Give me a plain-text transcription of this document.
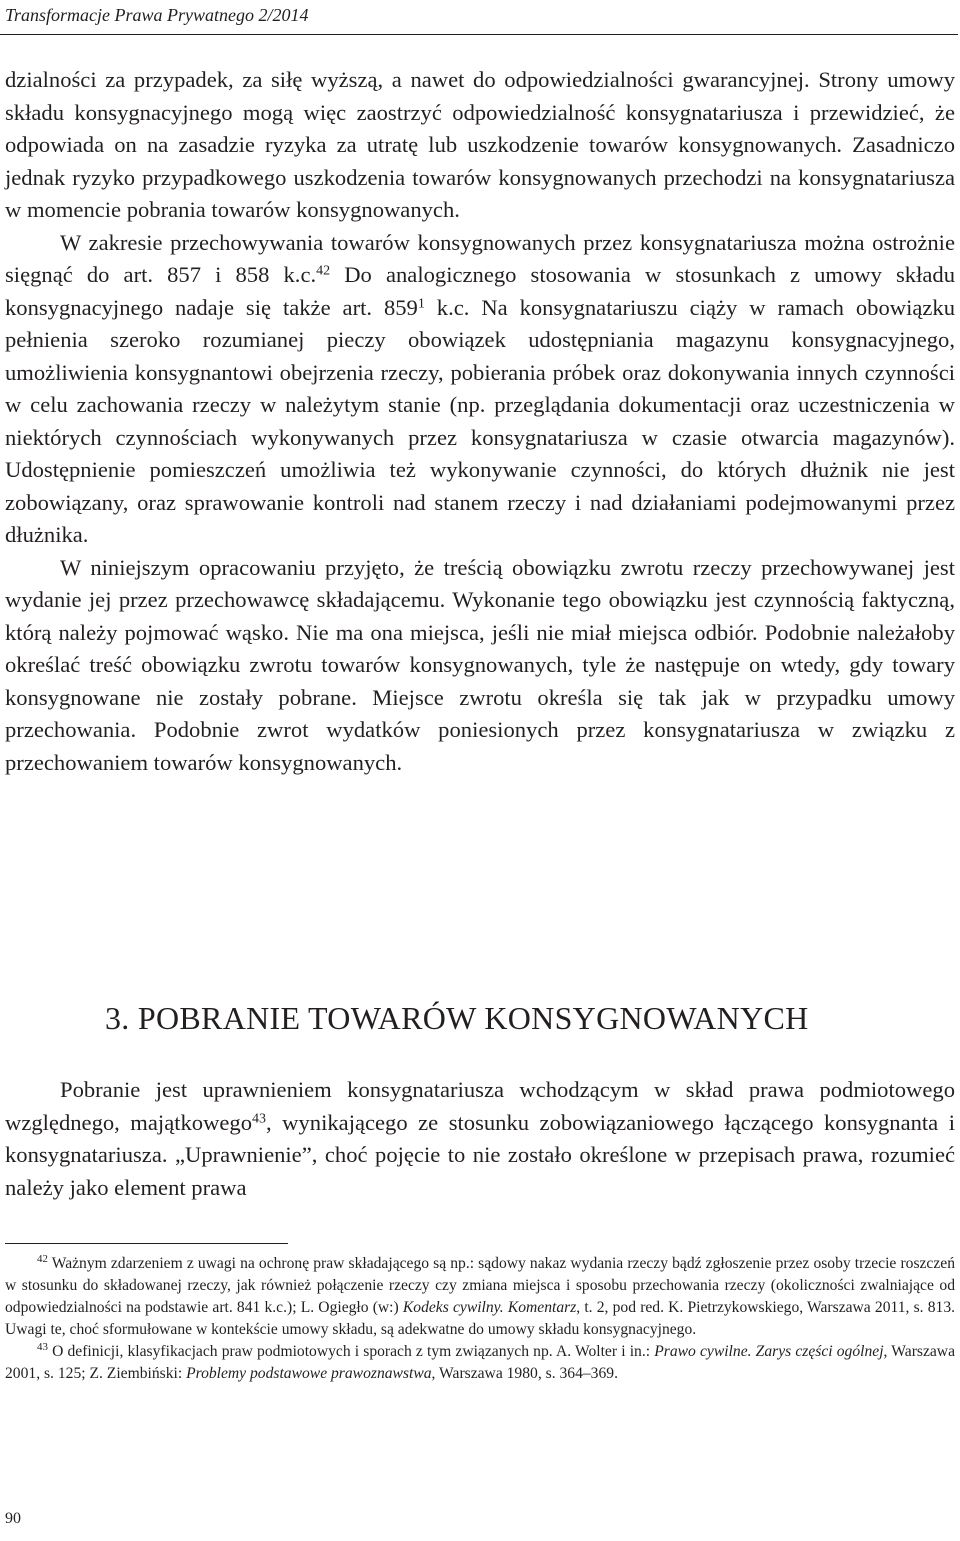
Transformacje Prawa Prywatnego 2/2014

dzialności za przypadek, za siłę wyższą, a nawet do odpowiedzialności gwarancyjnej. Strony umowy składu konsygnacyjnego mogą więc zaostrzyć odpowiedzialność konsygnatariusza i przewidzieć, że odpowiada on na zasadzie ryzyka za utratę lub uszkodzenie towarów konsygnowanych. Zasadniczo jednak ryzyko przypadkowego uszkodzenia towarów konsygnowanych przechodzi na konsygnatariusza w momencie pobrania towarów konsygnowanych.

W zakresie przechowywania towarów konsygnowanych przez konsygnatariusza można ostrożnie sięgnąć do art. 857 i 858 k.c.$^{42}$ Do analogicznego stosowania w stosunkach z umowy składu konsygnacyjnego nadaje się także art. $859^1$ k.c. Na konsygnatariuszu ciąży w ramach obowiązku pełnienia szeroko rozumianej pieczy obowiązek udostępniania magazynu konsygnacyjnego, umożliwienia konsygnantowi obejrzenia rzeczy, pobierania próbek oraz dokonywania innych czynności w celu zachowania rzeczy w należytym stanie (np. przeglądania dokumentacji oraz uczestniczenia w niektórych czynnościach wykonywanych przez konsygnatariusza w czasie otwarcia magazynów). Udostępnienie pomieszczeń umożliwia też wykonywanie czynności, do których dłużnik nie jest zobowiązany, oraz sprawowanie kontroli nad stanem rzeczy i nad działaniami podejmowanymi przez dłużnika.

W niniejszym opracowaniu przyjęto, że treścią obowiązku zwrotu rzeczy przechowywanej jest wydanie jej przez przechowawcę składającemu. Wykonanie tego obowiązku jest czynnością faktyczną, którą należy pojmować wąsko. Nie ma ona miejsca, jeśli nie miał miejsca odbiór. Podobnie należałoby określać treść obowiązku zwrotu towarów konsygnowanych, tyle że następuje on wtedy, gdy towary konsygnowane nie zostały pobrane. Miejsce zwrotu określa się tak jak w przypadku umowy przechowania. Podobnie zwrot wydatków poniesionych przez konsygnatariusza w związku z przechowaniem towarów konsygnowanych.

3. POBRANIE TOWARÓW KONSYGNOWANYCH

Pobranie jest uprawnieniem konsygnatariusza wchodzącym w skład prawa podmiotowego względnego, majątkowego$^{43}$, wynikającego ze stosunku zobowiązaniowego łączącego konsygnanta i konsygnatariusza. „Uprawnienie”, choć pojęcie to nie zostało określone w przepisach prawa, rozumieć należy jako element prawa

$^{42}$ Ważnym zdarzeniem z uwagi na ochronę praw składającego są np.: sądowy nakaz wydania rzeczy bądź zgłoszenie przez osoby trzecie roszczeń w stosunku do składowanej rzeczy, jak również połączenie rzeczy czy zmiana miejsca i sposobu przechowania rzeczy (okoliczności zwalniające od odpowiedzialności na podstawie art. 841 k.c.); L. Ogiegło (w:) Kodeks cywilny. Komentarz, t. 2, pod red. K. Pietrzykowskiego, Warszawa 2011, s. 813. Uwagi te, choć sformułowane w kontekście umowy składu, są adekwatne do umowy składu konsygnacyjnego.

$^{43}$ O definicji, klasyfikacjach praw podmiotowych i sporach z tym związanych np. A. Wolter i in.: Prawo cywilne. Zarys części ogólnej, Warszawa 2001, s. 125; Z. Ziembiński: Problemy podstawowe prawoznawstwa, Warszawa 1980, s. 364–369.

90
